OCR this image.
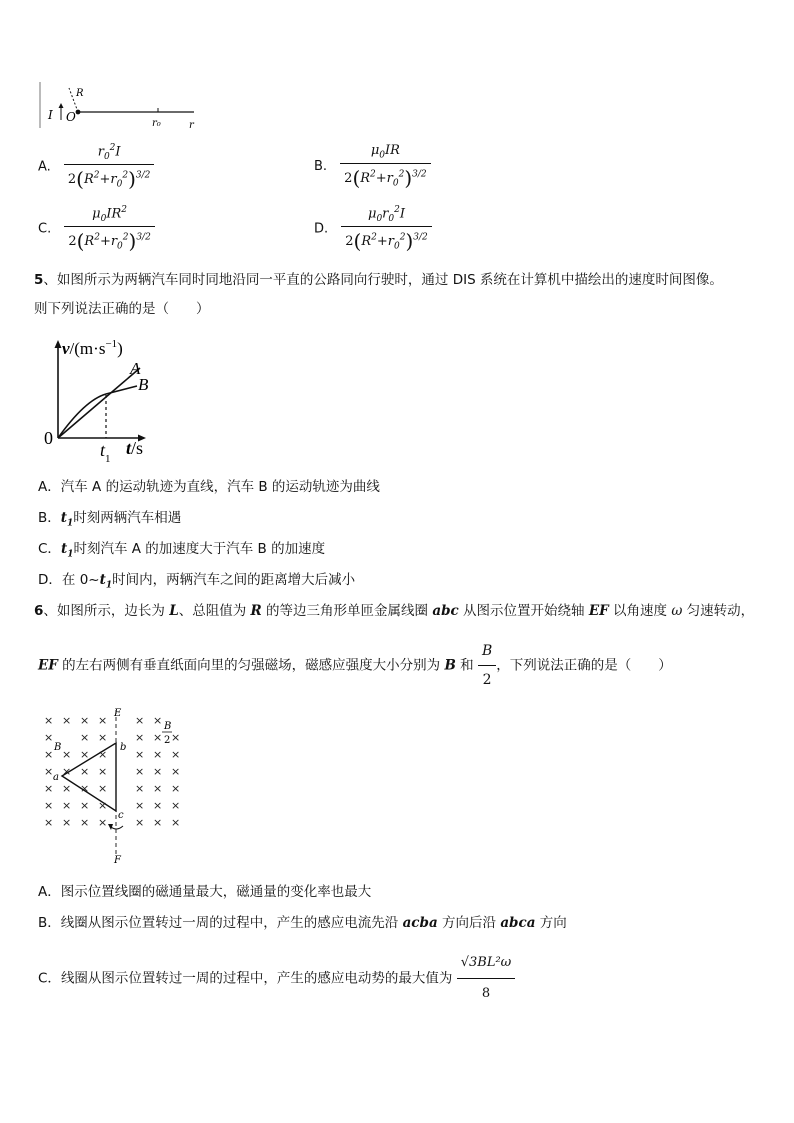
I O
R
r₀	r
A. $\frac{r_0^2I}{2(R^2+r_0^2)^{3/2}}$	B. $\frac{\mu_0IR}{2(R^2+r_0^2)^{3/2}}$
C. $\frac{\mu_0IR^2}{2(R^2+r_0^2)^{3/2}}$	D. $\frac{\mu_0r_0^2I}{2(R^2+r_0^2)^{3/2}}$
5、如图所示为两辆汽车同时同地沿同一平直的公路同向行驶时，通过 DIS 系统在计算机中描绘出的速度时间图像。
则下列说法正确的是（　　）
$v/(m\cdot s^{-1})$
0	t/s
$t_1$
A
B
A．汽车 A 的运动轨迹为直线，汽车 B 的运动轨迹为曲线
B．$t_1$时刻两辆汽车相遇
C．$t_1$时刻汽车 A 的加速度大于汽车 B 的加速度
D．在 $0\sim t_1$时间内，两辆汽车之间的距离增大后减小
6、如图所示，边长为 L、总阻值为 R 的等边三角形单匝金属线圈 abc 从图示位置开始绕轴 EF 以角速度 ω 匀速转动，
EF 的左右两侧有垂直纸面向里的匀强磁场，磁感应强度大小分别为 B 和 $\frac{B}{2}$ ，下列说法正确的是（　　）
× × × ×	× ×
× × ×	× × ×
× × × ×	× × ×
× × × ×	× × ×
× × × ×	× × ×
× × × ×	× × ×
× × × ×	× × ×
E
F
a
b
c
B
B
2
A．图示位置线圈的磁通量最大，磁通量的变化率也最大
B．线圈从图示位置转过一周的过程中，产生的感应电流先沿 acba 方向后沿 abca 方向
C．线圈从图示位置转过一周的过程中，产生的感应电动势的最大值为 $\frac{\text{√3BL²ω}}{8}$
